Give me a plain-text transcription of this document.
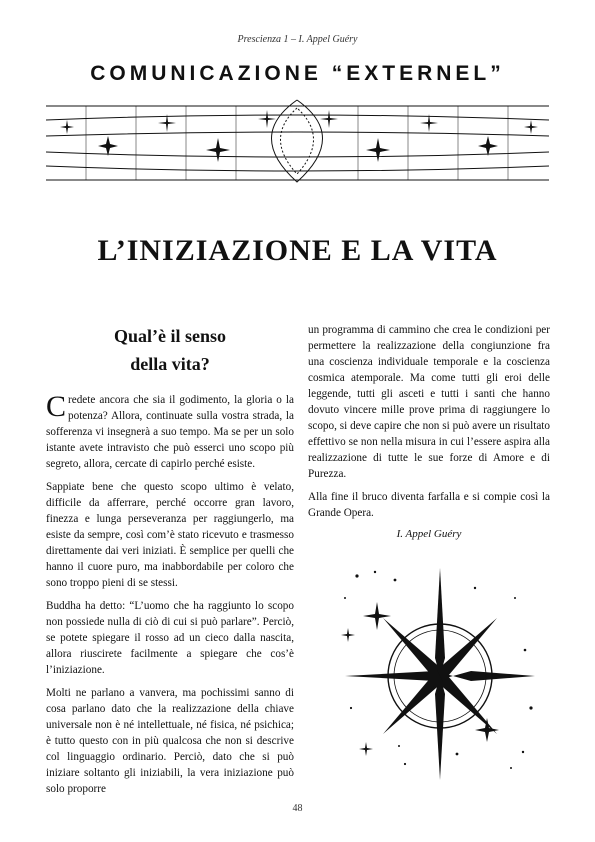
Prescienza 1 – I. Appel Guéry
COMUNICAZIONE “EXTERNEL”
L’INIZIAZIONE E LA VITA
Qual’è il senso
della vita?

Credete ancora che sia il godimento, la gloria o la potenza? Allora, continuate sulla vostra strada, la sofferenza vi insegnerà a suo tempo. Ma se per un solo istante avete intravisto che può esserci uno scopo più segreto, allora, cercate di capirlo perché esiste.

Sappiate bene che questo scopo ultimo è velato, difficile da afferrare, perché occorre gran lavoro, finezza e lunga perseveranza per raggiungerlo, ma esiste da sempre, così com’è stato ricevuto e trasmesso direttamente dai veri iniziati. È semplice per quelli che hanno il cuore puro, ma inabbordabile per coloro che sono troppo pieni di se stessi.

Buddha ha detto: “L’uomo che ha raggiunto lo scopo non possiede nulla di ciò di cui si può parlare”. Perciò, se potete spiegare il rosso ad un cieco dalla nascita, allora riuscirete facilmente a spiegare che cos’è l’iniziazione.

Molti ne parlano a vanvera, ma pochissimi sanno di cosa parlano dato che la realizzazione della chiave universale non è né intellettuale, né fisica, né psichica; è tutto questo con in più qualcosa che non si descrive col linguaggio ordinario. Perciò, dato che si può iniziare soltanto gli iniziabili, la vera iniziazione può solo proporre

un programma di cammino che crea le condizioni per permettere la realizzazione della congiunzione fra una coscienza individuale temporale e la coscienza cosmica atemporale. Ma come tutti gli eroi delle leggende, tutti gli asceti e tutti i santi che hanno dovuto vincere mille prove prima di raggiungere lo scopo, si deve capire che non si può avere un risultato effettivo se non nella misura in cui l’essere aspira alla realizzazione di tutte le sue forze di Amore e di Purezza.

Alla fine il bruco diventa farfalla e si compie così la Grande Opera.

I. Appel Guéry
48
